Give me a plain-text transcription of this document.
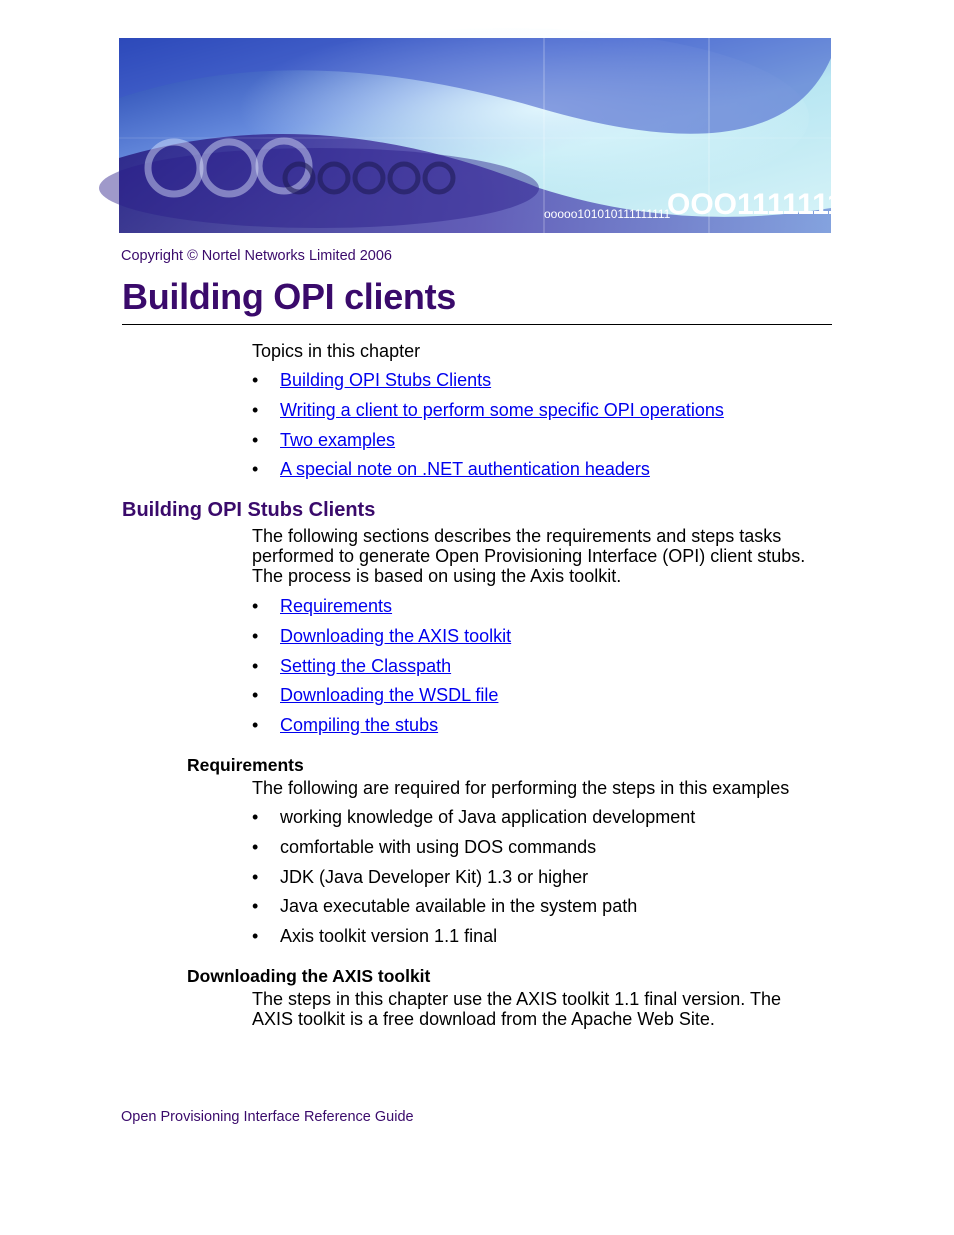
ooooo101010111111111
OOO11111111
Copyright © Nortel Networks Limited 2006
Building OPI clients

Topics in this chapter

• Building OPI Stubs Clients
• Writing a client to perform some specific OPI operations
• Two examples
• A special note on .NET authentication headers
Building OPI Stubs Clients

The following sections describes the requirements and steps tasks

performed to generate Open Provisioning Interface (OPI) client stubs.

The process is based on using the Axis toolkit.

• Requirements
• Downloading the AXIS toolkit
• Setting the Classpath
• Downloading the WSDL file
• Compiling the stubs
Requirements

The following are required for performing the steps in this examples

• working knowledge of Java application development
• comfortable with using DOS commands
• JDK (Java Developer Kit) 1.3 or higher
• Java executable available in the system path
• Axis toolkit version 1.1 final
Downloading the AXIS toolkit

The steps in this chapter use the AXIS toolkit 1.1 final version. The

AXIS toolkit is a free download from the Apache Web Site.

Open Provisioning Interface Reference Guide
